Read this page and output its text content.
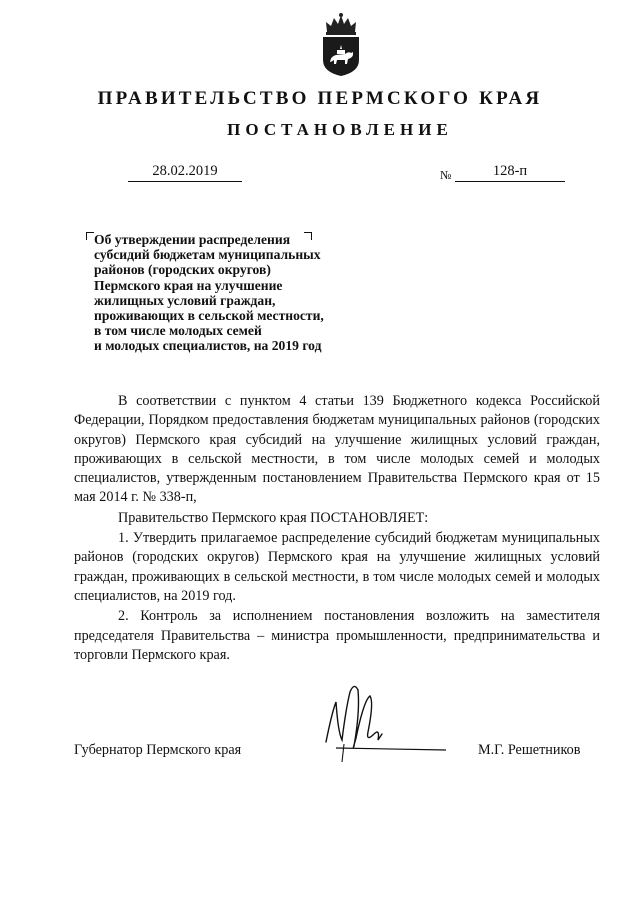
ПРАВИТЕЛЬСТВО ПЕРМСКОГО КРАЯ
ПОСТАНОВЛЕНИЕ
28.02.2019	№	128-п
Об утверждении распределения
субсидий бюджетам муниципальных
районов (городских округов)
Пермского края на улучшение
жилищных условий граждан,
проживающих в сельской местности,
в том числе молодых семей
и молодых специалистов, на 2019 год

В соответствии с пунктом 4 статьи 139 Бюджетного кодекса Российской Федерации, Порядком предоставления бюджетам муниципальных районов (городских округов) Пермского края субсидий на улучшение жилищных условий граждан, проживающих в сельской местности, в том числе молодых семей и молодых специалистов, утвержденным постановлением Правительства Пермского края от 15 мая 2014 г. № 338-п,

Правительство Пермского края ПОСТАНОВЛЯЕТ:

1. Утвердить прилагаемое распределение субсидий бюджетам муниципальных районов (городских округов) Пермского края на улучшение жилищных условий граждан, проживающих в сельской местности, в том числе молодых семей и молодых специалистов, на 2019 год.

2. Контроль за исполнением постановления возложить на заместителя председателя Правительства – министра промышленности, предпринимательства и торговли Пермского края.

Губернатор Пермского края	М.Г. Решетников
